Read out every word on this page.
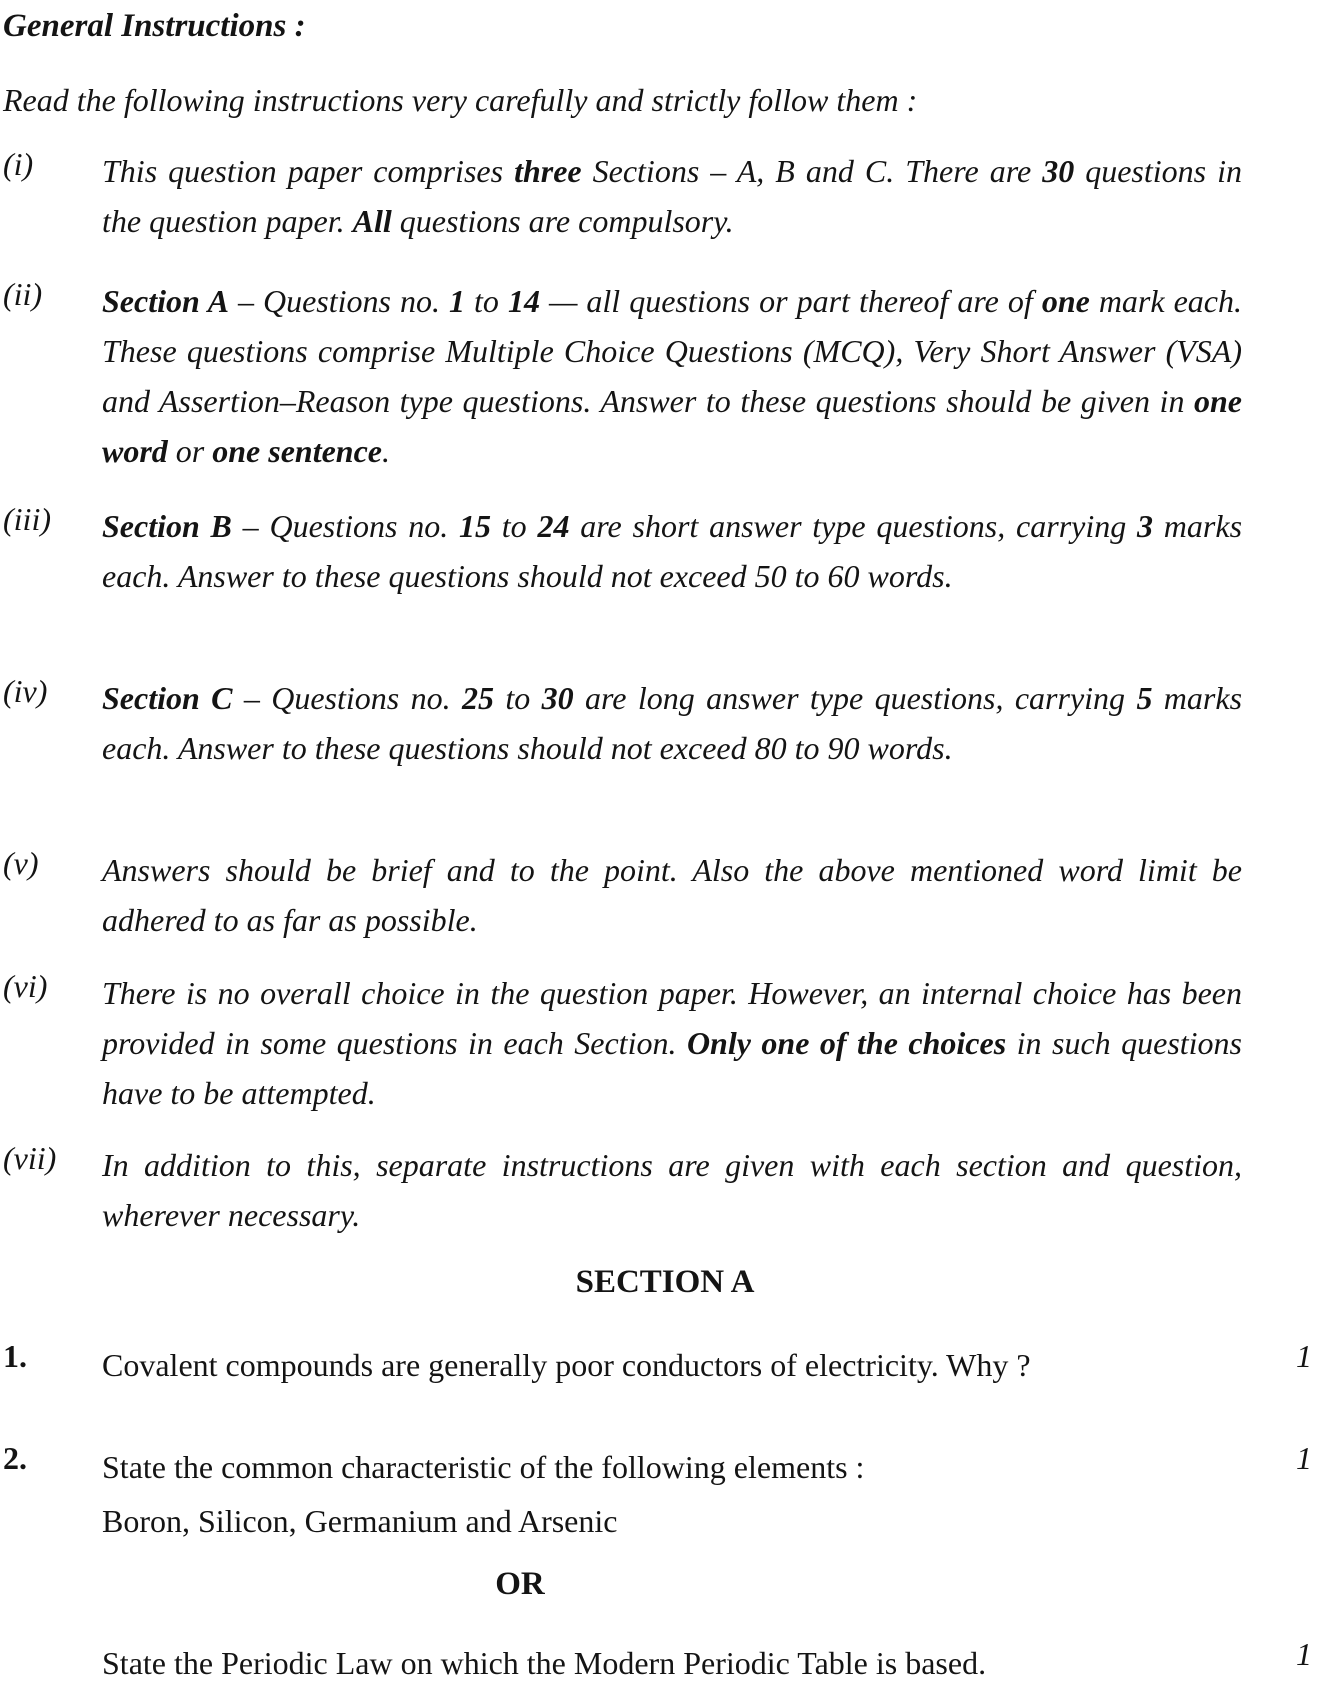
General Instructions :
Read the following instructions very carefully and strictly follow them :
(i) This question paper comprises three Sections – A, B and C. There are 30 questions in the question paper. All questions are compulsory.
(ii) Section A – Questions no. 1 to 14 — all questions or part thereof are of one mark each. These questions comprise Multiple Choice Questions (MCQ), Very Short Answer (VSA) and Assertion–Reason type questions. Answer to these questions should be given in one word or one sentence.
(iii) Section B – Questions no. 15 to 24 are short answer type questions, carrying 3 marks each. Answer to these questions should not exceed 50 to 60 words.
(iv) Section C – Questions no. 25 to 30 are long answer type questions, carrying 5 marks each. Answer to these questions should not exceed 80 to 90 words.
(v) Answers should be brief and to the point. Also the above mentioned word limit be adhered to as far as possible.
(vi) There is no overall choice in the question paper. However, an internal choice has been provided in some questions in each Section. Only one of the choices in such questions have to be attempted.
(vii) In addition to this, separate instructions are given with each section and question, wherever necessary.
SECTION A
1. Covalent compounds are generally poor conductors of electricity. Why ?	1
2. State the common characteristic of the following elements :
Boron, Silicon, Germanium and Arsenic
1
OR
State the Periodic Law on which the Modern Periodic Table is based.	1
